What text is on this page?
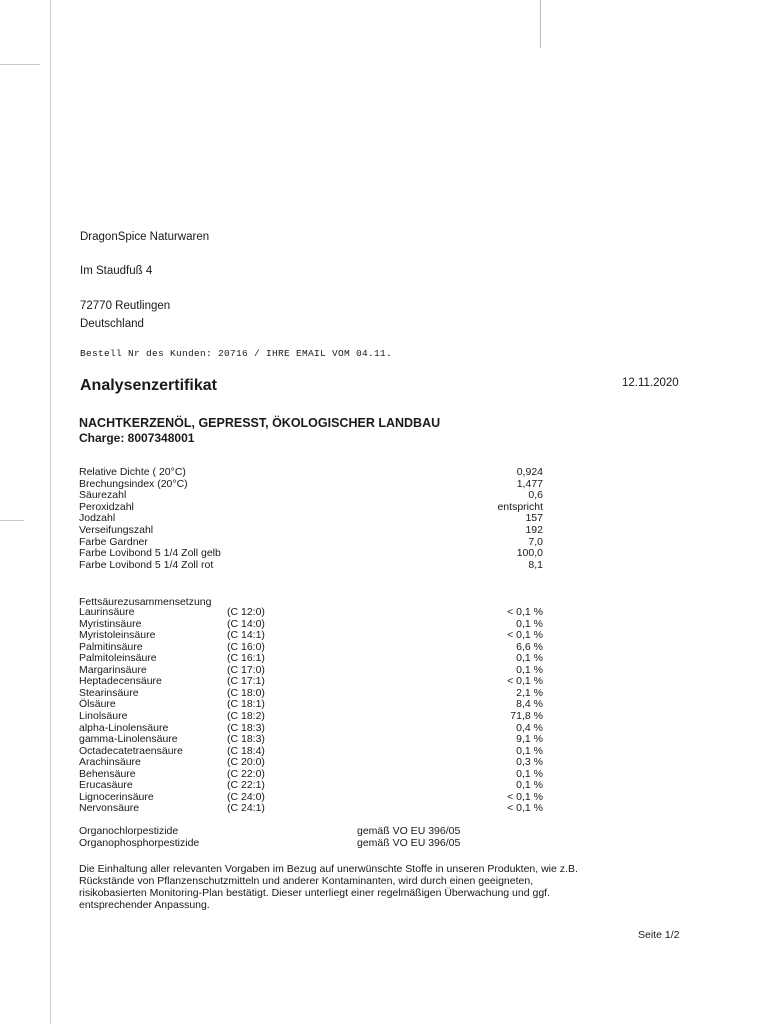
DragonSpice Naturwaren
Im Staudfuß 4
72770 Reutlingen
Deutschland
Bestell Nr des Kunden: 20716 / IHRE EMAIL VOM 04.11.
Analysenzertifikat	12.11.2020
NACHTKERZENÖL, GEPRESST, ÖKOLOGISCHER LANDBAU
Charge: 8007348001
Relative Dichte ( 20°C)	0,924
Brechungsindex (20°C)	1,477
Säurezahl	0,6
Peroxidzahl	entspricht
Jodzahl	157
Verseifungszahl	192
Farbe Gardner	7,0
Farbe Lovibond 5 1/4 Zoll gelb	100,0
Farbe Lovibond 5 1/4 Zoll rot	8,1
Fettsäurezusammensetzung
Laurinsäure	(C 12:0)	< 0,1 %
Myristinsäure	(C 14:0)	0,1 %
Myristoleinsäure	(C 14:1)	< 0,1 %
Palmitinsäure	(C 16:0)	6,6 %
Palmitoleinsäure	(C 16:1)	0,1 %
Margarinsäure	(C 17:0)	0,1 %
Heptadecensäure	(C 17:1)	< 0,1 %
Stearinsäure	(C 18:0)	2,1 %
Ölsäure	(C 18:1)	8,4 %
Linolsäure	(C 18:2)	71,8 %
alpha-Linolensäure	(C 18:3)	0,4 %
gamma-Linolensäure	(C 18:3)	9,1 %
Octadecatetraensäure	(C 18:4)	0,1 %
Arachinsäure	(C 20:0)	0,3 %
Behensäure	(C 22:0)	0,1 %
Erucasäure	(C 22:1)	0,1 %
Lignocerinsäure	(C 24:0)	< 0,1 %
Nervonsäure	(C 24:1)	< 0,1 %
Organochlorpestizide	gemäß VO EU 396/05
Organophosphorpestizide	gemäß VO EU 396/05
Die Einhaltung aller relevanten Vorgaben im Bezug auf unerwünschte Stoffe in unseren Produkten, wie z.B. Rückstände von Pflanzenschutzmitteln und anderer Kontaminanten, wird durch einen geeigneten, risikobasierten Monitoring-Plan bestätigt. Dieser unterliegt einer regelmäßigen Überwachung und ggf. entsprechender Anpassung.
Seite 1/2
